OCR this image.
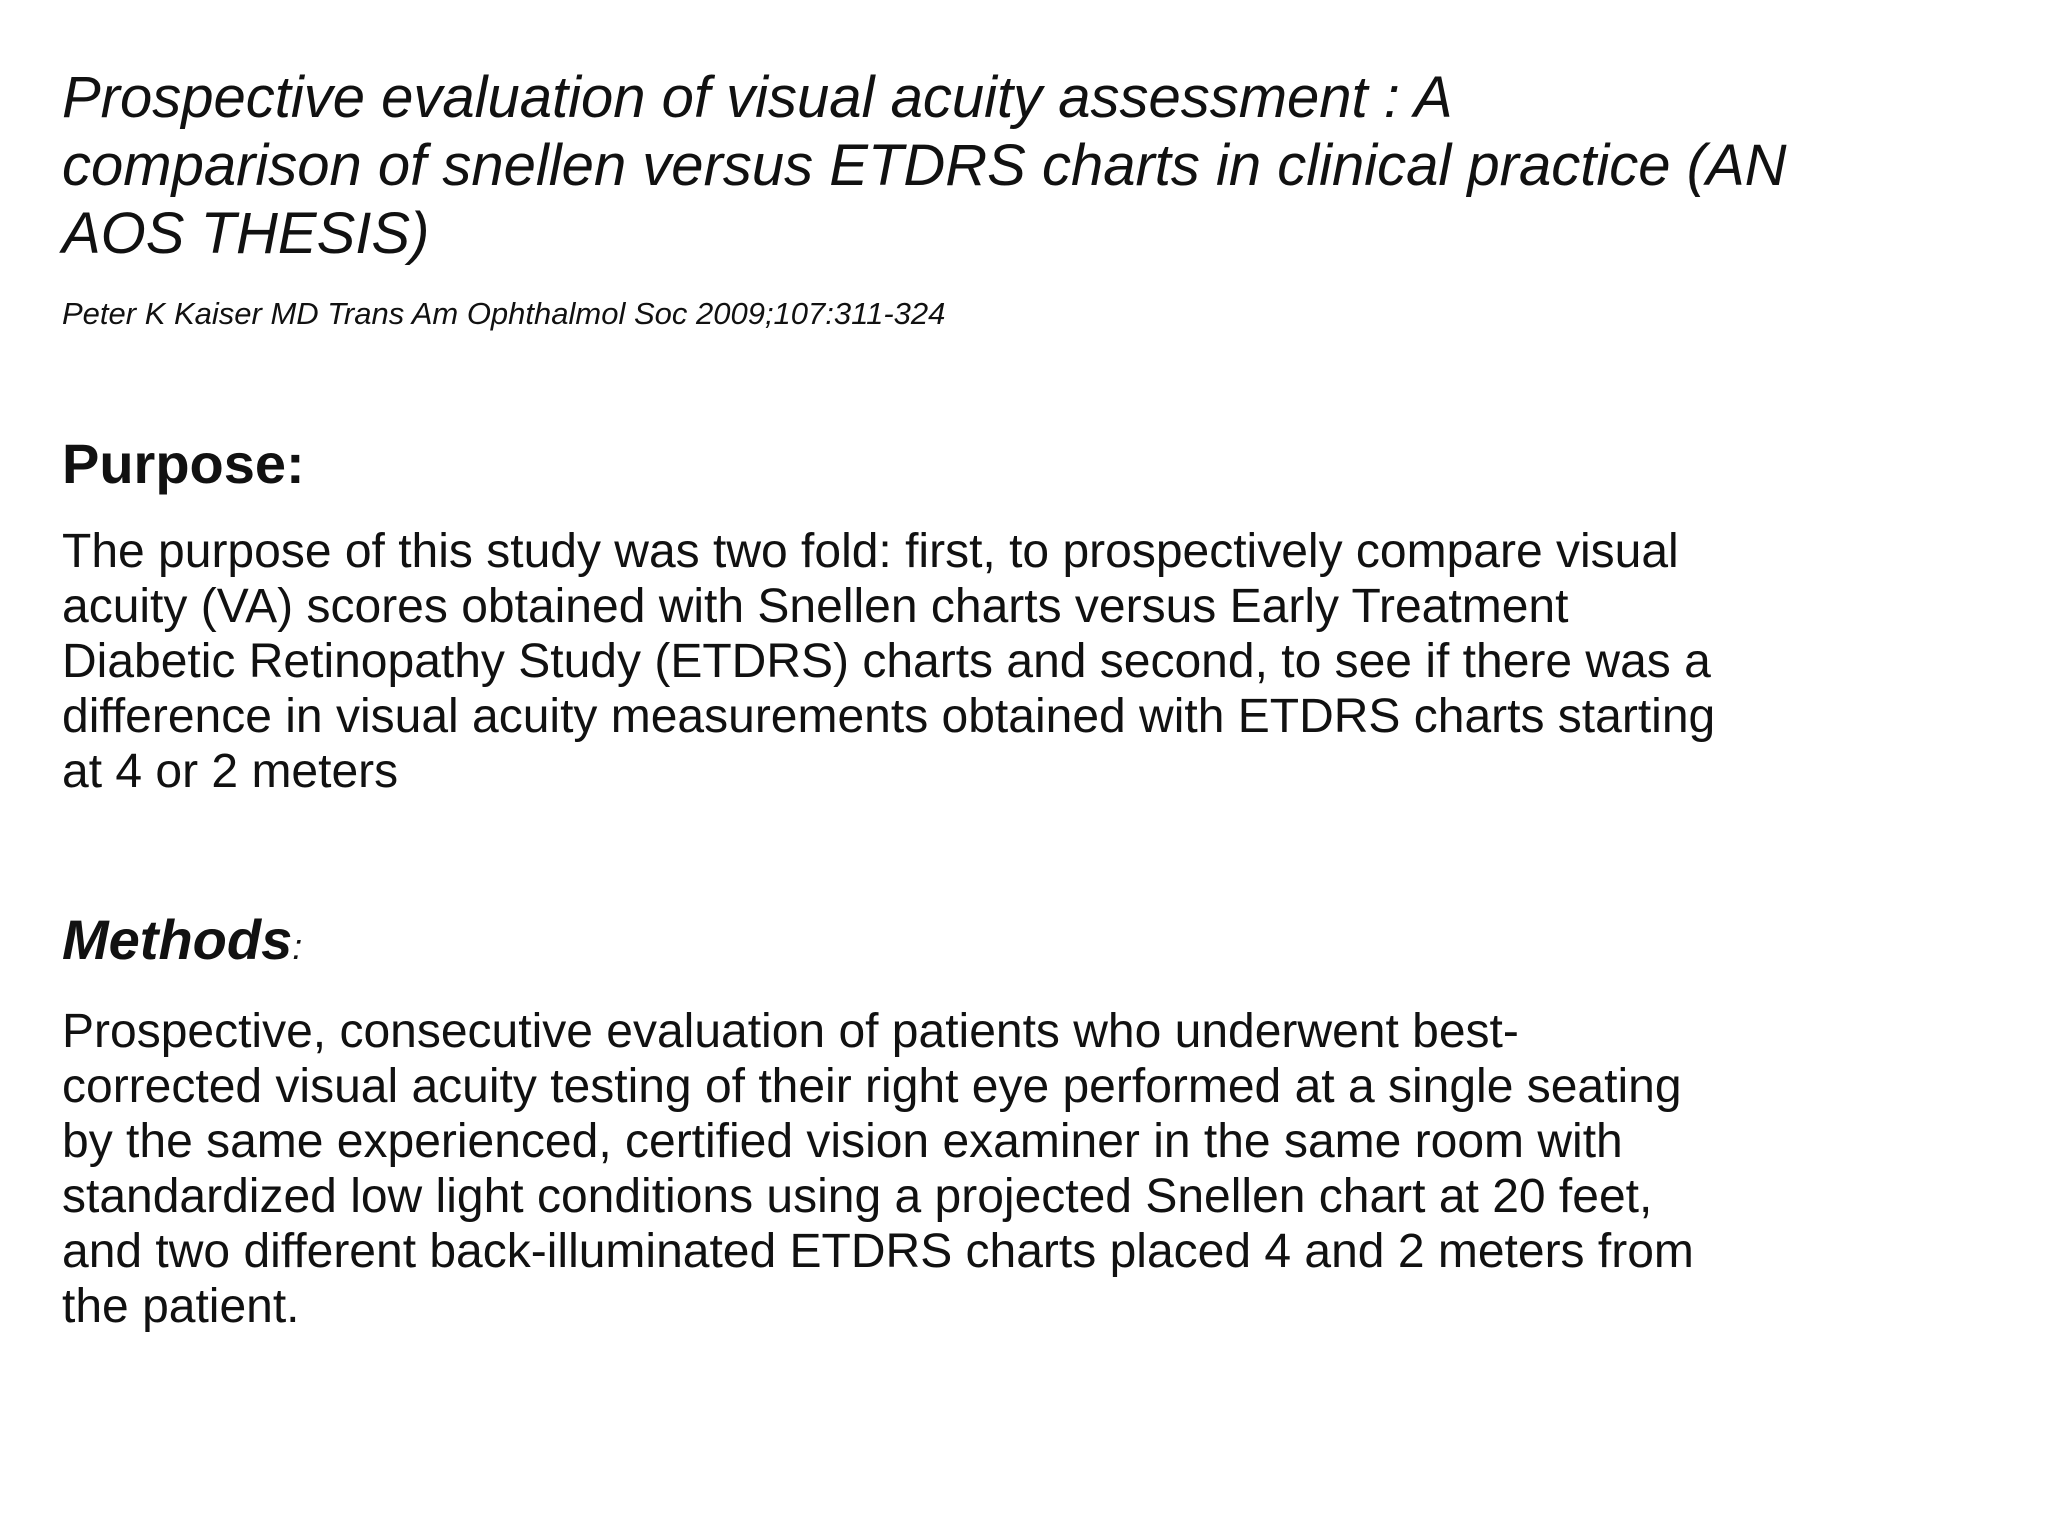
Prospective evaluation of visual acuity assessment : A
comparison of snellen versus ETDRS charts in clinical practice (AN
AOS THESIS)

Peter K Kaiser MD Trans Am Ophthalmol Soc 2009;107:311-324

Purpose:

The purpose of this study was two fold: first, to prospectively compare visual
acuity (VA) scores obtained with Snellen charts versus Early Treatment
Diabetic Retinopathy Study (ETDRS) charts and second, to see if there was a
difference in visual acuity measurements obtained with ETDRS charts starting
at 4 or 2 meters

Methods:

Prospective, consecutive evaluation of patients who underwent best-
corrected visual acuity testing of their right eye performed at a single seating
by the same experienced, certified vision examiner in the same room with
standardized low light conditions using a projected Snellen chart at 20 feet,
and two different back-illuminated ETDRS charts placed 4 and 2 meters from
the patient.
